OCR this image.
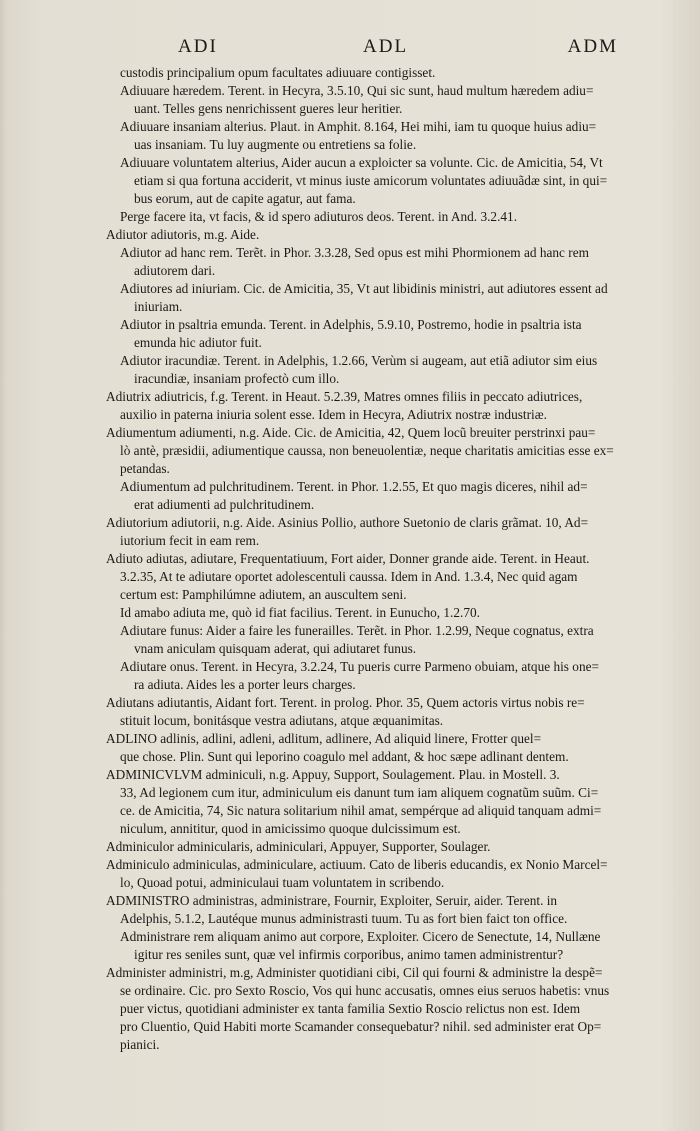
ADI	ADL	ADM
custodis principalium opum facultates adiuuare contigisset.
Adiuuare hæredem. Terent. in Hecyra, 3.5.10, Qui sic sunt, haud multum hæredem adiu=
uant. Telles gens nenrichissent gueres leur heritier.
Adiuuare insaniam alterius. Plaut. in Amphit. 8.164, Hei mihi, iam tu quoque huius adiu=
uas insaniam. Tu luy augmente ou entretiens sa folie.
Adiuuare voluntatem alterius, Aider aucun a exploicter sa volunte. Cic. de Amicitia, 54, Vt
etiam si qua fortuna acciderit, vt minus iuste amicorum voluntates adiuuãdæ sint, in qui=
bus eorum, aut de capite agatur, aut fama.
Perge facere ita, vt facis, & id spero adiuturos deos. Terent. in And. 3.2.41.
Adiutor adiutoris, m.g. Aide.
Adiutor ad hanc rem. Terẽt. in Phor. 3.3.28, Sed opus est mihi Phormionem ad hanc rem
adiutorem dari.
Adiutores ad iniuriam. Cic. de Amicitia, 35, Vt aut libidinis ministri, aut adiutores essent ad
iniuriam.
Adiutor in psaltria emunda. Terent. in Adelphis, 5.9.10, Postremo, hodie in psaltria ista
emunda hic adiutor fuit.
Adiutor iracundiæ. Terent. in Adelphis, 1.2.66, Verùm si augeam, aut etiã adiutor sim eius
iracundiæ, insaniam profectò cum illo.
Adiutrix adiutricis, f.g. Terent. in Heaut. 5.2.39, Matres omnes filiis in peccato adiutrices,
auxilio in paterna iniuria solent esse. Idem in Hecyra, Adiutrix nostræ industriæ.
Adiumentum adiumenti, n.g. Aide. Cic. de Amicitia, 42, Quem locũ breuiter perstrinxi pau=
lò antè, præsidii, adiumentique caussa, non beneuolentiæ, neque charitatis amicitias esse ex=
petandas.
Adiumentum ad pulchritudinem. Terent. in Phor. 1.2.55, Et quo magis diceres, nihil ad=
erat adiumenti ad pulchritudinem.
Adiutorium adiutorii, n.g. Aide. Asinius Pollio, authore Suetonio de claris grãmat. 10, Ad=
iutorium fecit in eam rem.
Adiuto adiutas, adiutare, Frequentatiuum, Fort aider, Donner grande aide. Terent. in Heaut.
3.2.35, At te adiutare oportet adolescentuli caussa. Idem in And. 1.3.4, Nec quid agam
certum est: Pamphilúmne adiutem, an auscultem seni.
Id amabo adiuta me, quò id fiat facilius. Terent. in Eunucho, 1.2.70.
Adiutare funus: Aider a faire les funerailles. Terẽt. in Phor. 1.2.99, Neque cognatus, extra
vnam aniculam quisquam aderat, qui adiutaret funus.
Adiutare onus. Terent. in Hecyra, 3.2.24, Tu pueris curre Parmeno obuiam, atque his one=
ra adiuta. Aides les a porter leurs charges.
Adiutans adiutantis, Aidant fort. Terent. in prolog. Phor. 35, Quem actoris virtus nobis re=
stituit locum, bonitásque vestra adiutans, atque æquanimitas.
ADLINO adlinis, adlini, adleni, adlitum, adlinere, Ad aliquid linere, Frotter quel=
que chose. Plin. Sunt qui leporino coagulo mel addant, & hoc sæpe adlinant dentem.
ADMINICVLVM adminiculi, n.g. Appuy, Support, Soulagement. Plau. in Mostell. 3.
33, Ad legionem cum itur, adminiculum eis danunt tum iam aliquem cognatũm suũm. Ci=
ce. de Amicitia, 74, Sic natura solitarium nihil amat, sempérque ad aliquid tanquam admi=
niculum, annititur, quod in amicissimo quoque dulcissimum est.
Adminiculor adminicularis, adminiculari, Appuyer, Supporter, Soulager.
Adminiculo adminiculas, adminiculare, actiuum. Cato de liberis educandis, ex Nonio Marcel=
lo, Quoad potui, adminiculaui tuam voluntatem in scribendo.
ADMINISTRO administras, administrare, Fournir, Exploiter, Seruir, aider. Terent. in
Adelphis, 5.1.2, Lautéque munus administrasti tuum. Tu as fort bien faict ton office.
Administrare rem aliquam animo aut corpore, Exploiter. Cicero de Senectute, 14, Nullæne
igitur res seniles sunt, quæ vel infirmis corporibus, animo tamen administrentur?
Administer administri, m.g, Administer quotidiani cibi, Cil qui fourni & administre la despẽ=
se ordinaire. Cic. pro Sexto Roscio, Vos qui hunc accusatis, omnes eius seruos habetis: vnus
puer victus, quotidiani administer ex tanta familia Sextio Roscio relictus non est. Idem
pro Cluentio, Quid Habiti morte Scamander consequebatur? nihil. sed administer erat Op=
pianici.
